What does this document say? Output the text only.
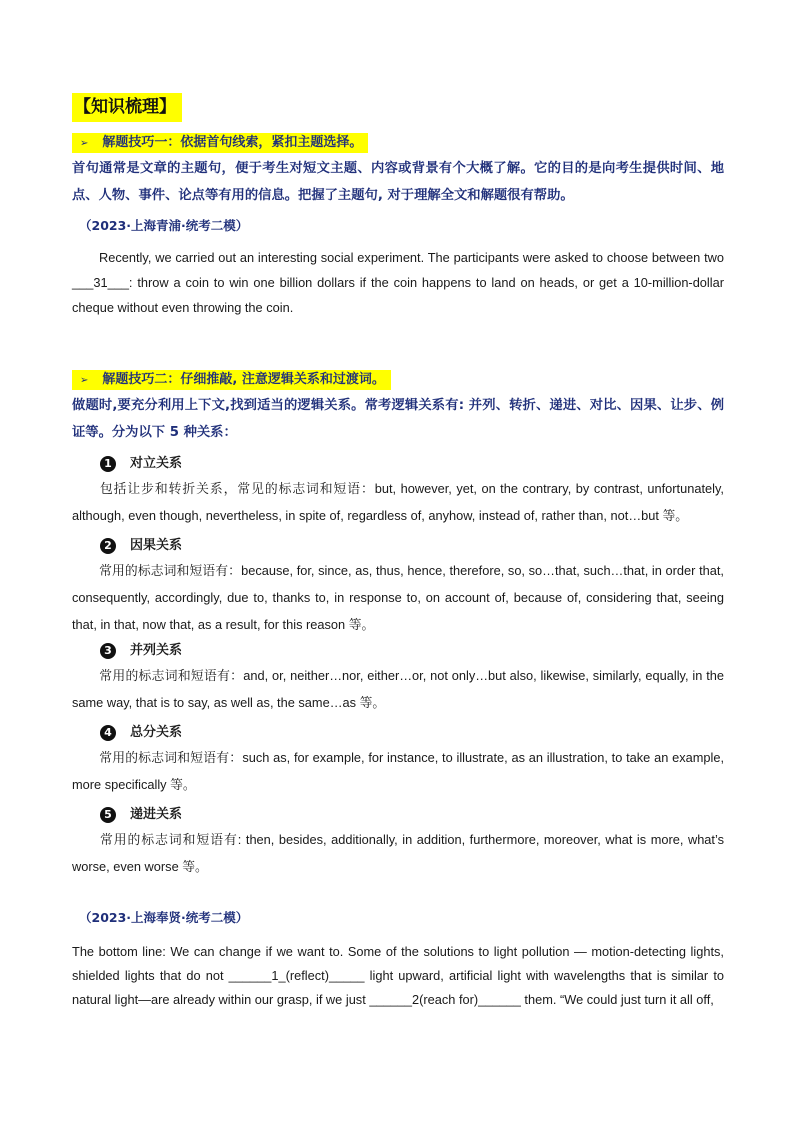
【知识梳理】
➢ 解题技巧一：依据首句线索，紧扣主题选择。
首句通常是文章的主题句，便于考生对短文主题、内容或背景有个大概了解。它的目的是向考生提供时间、地点、人物、事件、论点等有用的信息。把握了主题句, 对于理解全文和解题很有帮助。
（2023·上海青浦·统考二模）
Recently, we carried out an interesting social experiment. The participants were asked to choose between two ___31___: throw a coin to win one billion dollars if the coin happens to land on heads, or get a 10-million-dollar cheque without even throwing the coin.
➢ 解题技巧二：仔细推敲, 注意逻辑关系和过渡词。
做题时,要充分利用上下文,找到适当的逻辑关系。常考逻辑关系有: 并列、转折、递进、对比、因果、让步、例证等。分为以下 5 种关系：
1 对立关系
包括让步和转折关系，常见的标志词和短语：but, however, yet, on the contrary, by contrast, unfortunately, although, even though, nevertheless, in spite of, regardless of, anyhow, instead of, rather than, not…but 等。
2 因果关系
常用的标志词和短语有：because, for, since, as, thus, hence, therefore, so, so…that, such…that, in order that, consequently, accordingly, due to, thanks to, in response to, on account of, because of, considering that, seeing that, in that, now that, as a result, for this reason 等。
3 并列关系
常用的标志词和短语有：and, or, neither…nor, either…or, not only…but also, likewise, similarly, equally, in the same way, that is to say, as well as, the same…as 等。
4 总分关系
常用的标志词和短语有：such as, for example, for instance, to illustrate, as an illustration, to take an example, more specifically 等。
5 递进关系
常用的标志词和短语有: then, besides, additionally, in addition, furthermore, moreover, what is more, what’s worse, even worse 等。
（2023·上海奉贤·统考二模）
The bottom line: We can change if we want to. Some of the solutions to light pollution — motion-detecting lights, shielded lights that do not ______1_(reflect)_____ light upward, artificial light with wavelengths that is similar to natural light—are already within our grasp, if we just ______2(reach for)______ them. “We could just turn it all off,
